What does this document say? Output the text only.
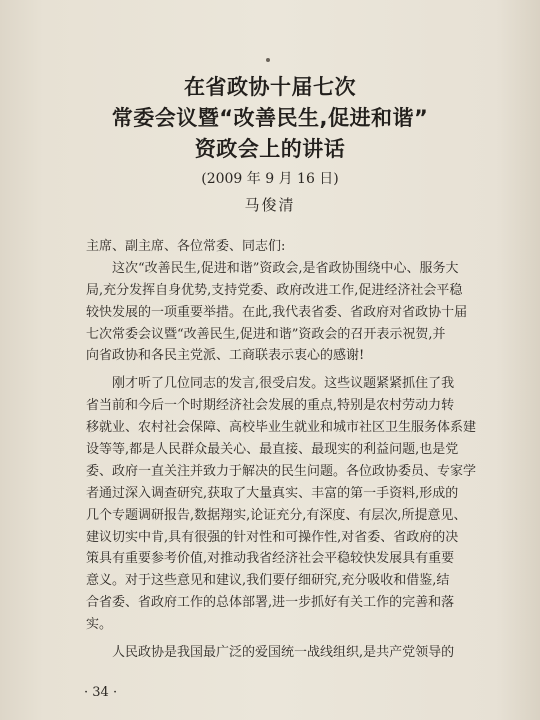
在省政协十届七次
常委会议暨“改善民生,促进和谐”
资政会上的讲话
(2009 年 9 月 16 日)
马俊清
主席、副主席、各位常委、同志们:
这次“改善民生,促进和谐”资政会,是省政协围绕中心、服务大
局,充分发挥自身优势,支持党委、政府改进工作,促进经济社会平稳
较快发展的一项重要举措。在此,我代表省委、省政府对省政协十届
七次常委会议暨“改善民生,促进和谐”资政会的召开表示祝贺,并
向省政协和各民主党派、工商联表示衷心的感谢!
刚才听了几位同志的发言,很受启发。这些议题紧紧抓住了我
省当前和今后一个时期经济社会发展的重点,特别是农村劳动力转
移就业、农村社会保障、高校毕业生就业和城市社区卫生服务体系建
设等等,都是人民群众最关心、最直接、最现实的利益问题,也是党
委、政府一直关注并致力于解决的民生问题。各位政协委员、专家学
者通过深入调查研究,获取了大量真实、丰富的第一手资料,形成的
几个专题调研报告,数据翔实,论证充分,有深度、有层次,所提意见、
建议切实中肯,具有很强的针对性和可操作性,对省委、省政府的决
策具有重要参考价值,对推动我省经济社会平稳较快发展具有重要
意义。对于这些意见和建议,我们要仔细研究,充分吸收和借鉴,结
合省委、省政府工作的总体部署,进一步抓好有关工作的完善和落
实。
人民政协是我国最广泛的爱国统一战线组织,是共产党领导的
· 34 ·
